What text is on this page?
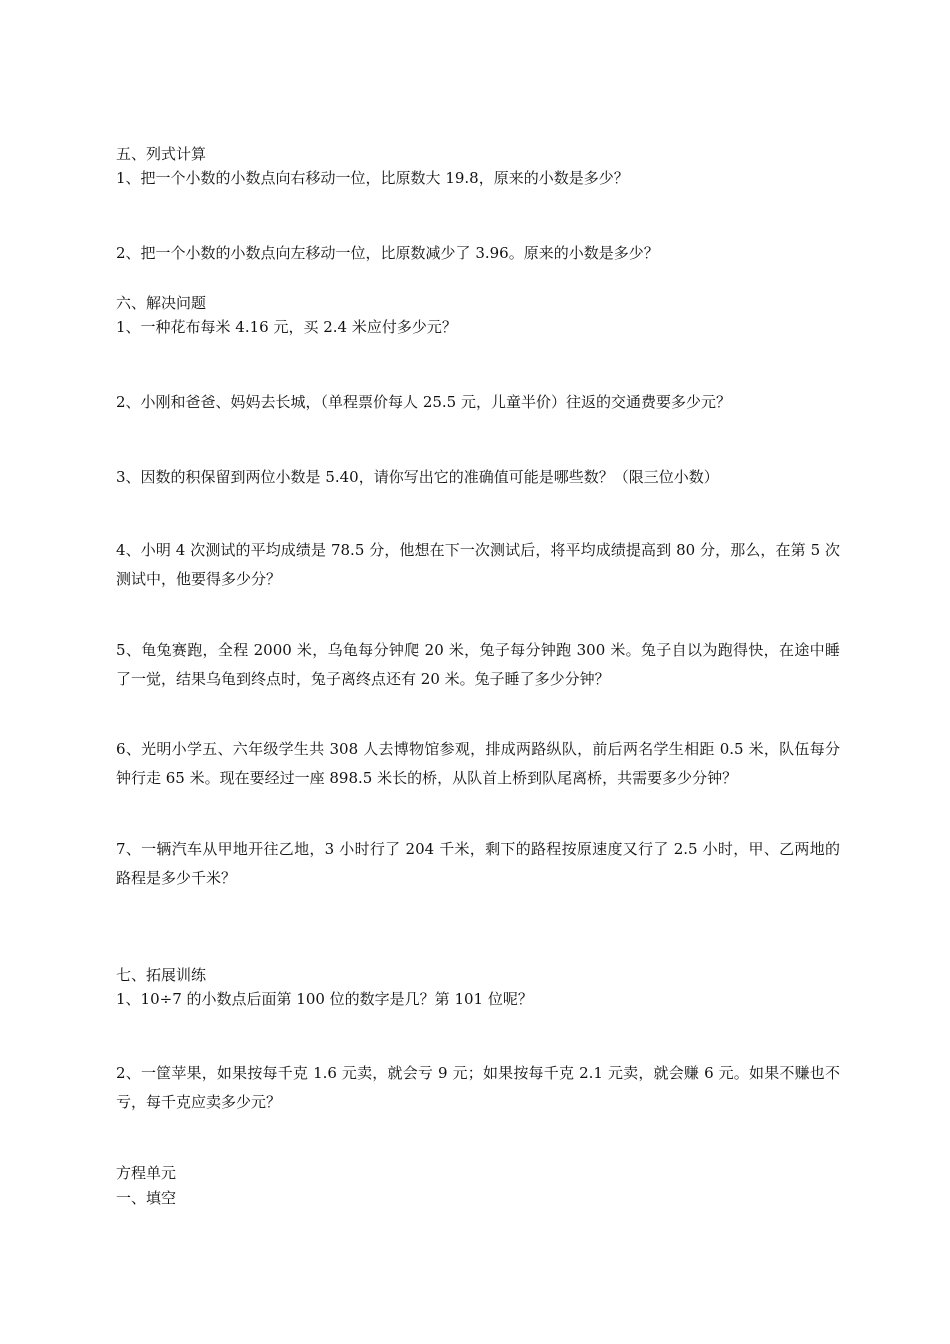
五、列式计算
1、把一个小数的小数点向右移动一位，比原数大 19.8，原来的小数是多少？
2、把一个小数的小数点向左移动一位，比原数减少了 3.96。原来的小数是多少？
六、解决问题
1、一种花布每米 4.16 元，买 2.4 米应付多少元？
2、小刚和爸爸、妈妈去长城，（单程票价每人 25.5 元，儿童半价）往返的交通费要多少元？
3、因数的积保留到两位小数是 5.40，请你写出它的准确值可能是哪些数？（限三位小数）
4、小明 4 次测试的平均成绩是 78.5 分，他想在下一次测试后，将平均成绩提高到 80 分，那么，在第 5 次测试中，他要得多少分？
5、龟兔赛跑，全程 2000 米，乌龟每分钟爬 20 米，兔子每分钟跑 300 米。兔子自以为跑得快，在途中睡了一觉，结果乌龟到终点时，兔子离终点还有 20 米。兔子睡了多少分钟？
6、光明小学五、六年级学生共 308 人去博物馆参观，排成两路纵队，前后两名学生相距 0.5 米，队伍每分钟行走 65 米。现在要经过一座 898.5 米长的桥，从队首上桥到队尾离桥，共需要多少分钟？
7、一辆汽车从甲地开往乙地，3 小时行了 204 千米，剩下的路程按原速度又行了 2.5 小时，甲、乙两地的路程是多少千米？
七、拓展训练
1、10÷7 的小数点后面第 100 位的数字是几？第 101 位呢？
2、一筐苹果，如果按每千克 1.6 元卖，就会亏 9 元；如果按每千克 2.1 元卖，就会赚 6 元。如果不赚也不亏，每千克应卖多少元？
方程单元
一、填空
